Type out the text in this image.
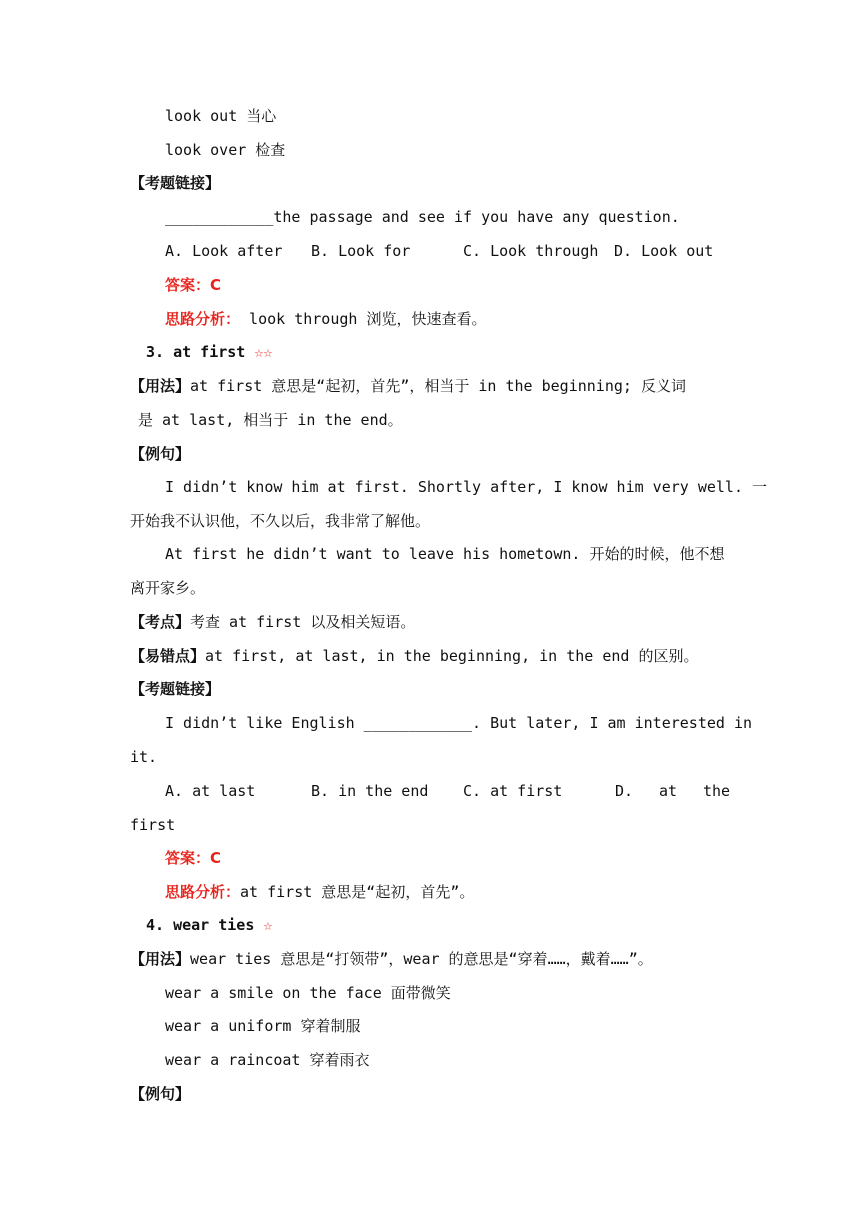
look out 当心
look over 检查
【考题链接】
____________the passage and see if you have any question.
A. Look after B. Look for	C. Look through D. Look out
答案：C
思路分析： look through 浏览，快速查看。
3. at first ☆☆
【用法】at first 意思是“起初，首先”，相当于 in the beginning; 反义词
是 at last, 相当于 in the end。
【例句】
I didn’t know him at first. Shortly after, I know him very well. 一
开始我不认识他，不久以后，我非常了解他。
At first he didn’t want to leave his hometown. 开始的时候，他不想
离开家乡。
【考点】考查 at first 以及相关短语。
【易错点】at first, at last, in the beginning, in the end 的区别。
【考题链接】
I didn’t like English ____________. But later, I am interested in
it.
A. at last	B. in the end C. at first	D. at the
first
答案：C
思路分析：at first 意思是“起初，首先”。
4. wear ties ☆
【用法】wear ties 意思是“打领带”，wear 的意思是“穿着……，戴着……”。
wear a smile on the face 面带微笑
wear a uniform 穿着制服
wear a raincoat 穿着雨衣
【例句】
